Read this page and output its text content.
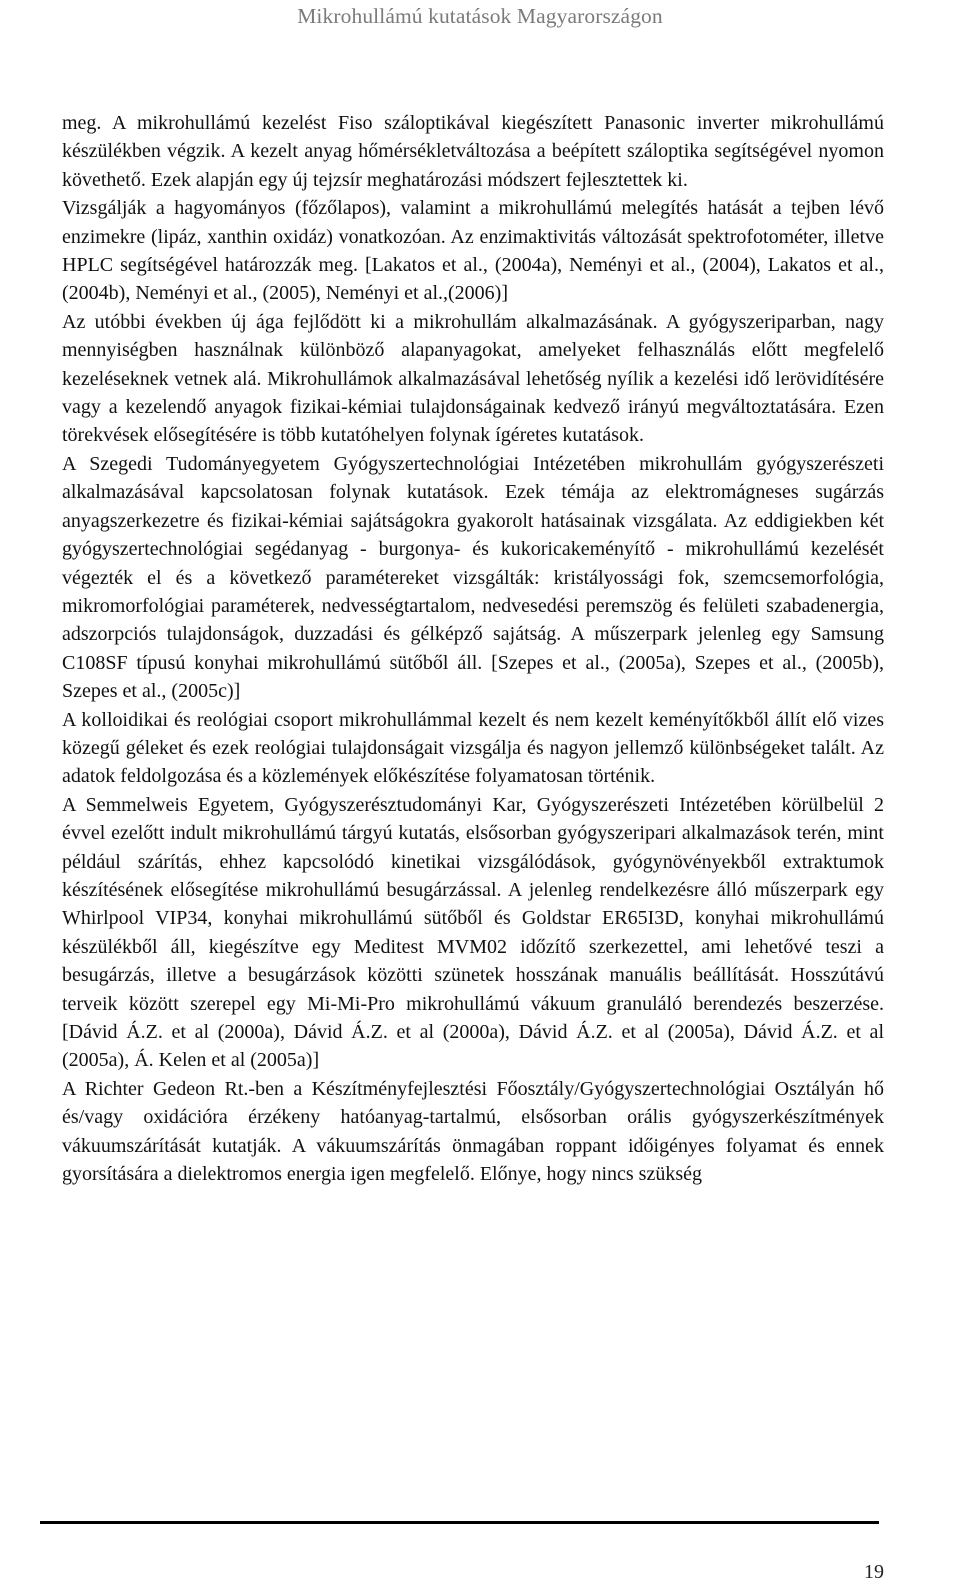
Mikrohullámú kutatások Magyarországon

meg. A mikrohullámú kezelést Fiso száloptikával kiegészített Panasonic inverter mikrohullámú készülékben végzik. A kezelt anyag hőmérsékletváltozása a beépített száloptika segítségével nyomon követhető. Ezek alapján egy új tejzsír meghatározási módszert fejlesztettek ki.

Vizsgálják a hagyományos (főzőlapos), valamint a mikrohullámú melegítés hatását a tejben lévő enzimekre (lipáz, xanthin oxidáz) vonatkozóan. Az enzimaktivitás változását spektrofotométer, illetve HPLC segítségével határozzák meg. [Lakatos et al., (2004a), Neményi et al., (2004), Lakatos et al., (2004b), Neményi et al., (2005), Neményi et al.,(2006)]

Az utóbbi években új ága fejlődött ki a mikrohullám alkalmazásának. A gyógyszeriparban, nagy mennyiségben használnak különböző alapanyagokat, amelyeket felhasználás előtt megfelelő kezeléseknek vetnek alá. Mikrohullámok alkalmazásával lehetőség nyílik a kezelési idő lerövidítésére vagy a kezelendő anyagok fizikai-kémiai tulajdonságainak kedvező irányú megváltoztatására. Ezen törekvések elősegítésére is több kutatóhelyen folynak ígéretes kutatások.

A Szegedi Tudományegyetem Gyógyszertechnológiai Intézetében mikrohullám gyógyszerészeti alkalmazásával kapcsolatosan folynak kutatások. Ezek témája az elektromágneses sugárzás anyagszerkezetre és fizikai-kémiai sajátságokra gyakorolt hatásainak vizsgálata. Az eddigiekben két gyógyszertechnológiai segédanyag - burgonya- és kukoricakeményítő - mikrohullámú kezelését végezték el és a következő paramétereket vizsgálták: kristályossági fok, szemcsemorfológia, mikromorfológiai paraméterek, nedvességtartalom, nedvesedési peremszög és felületi szabadenergia, adszorpciós tulajdonságok, duzzadási és gélképző sajátság. A műszerpark jelenleg egy Samsung C108SF típusú konyhai mikrohullámú sütőből áll. [Szepes et al., (2005a), Szepes et al., (2005b), Szepes et al., (2005c)]

A kolloidikai és reológiai csoport mikrohullámmal kezelt és nem kezelt keményítőkből állít elő vizes közegű géleket és ezek reológiai tulajdonságait vizsgálja és nagyon jellemző különbségeket talált. Az adatok feldolgozása és a közlemények előkészítése folyamatosan történik.

A Semmelweis Egyetem, Gyógyszerésztudományi Kar, Gyógyszerészeti Intézetében körülbelül 2 évvel ezelőtt indult mikrohullámú tárgyú kutatás, elsősorban gyógyszeripari alkalmazások terén, mint például szárítás, ehhez kapcsolódó kinetikai vizsgálódások, gyógynövényekből extraktumok készítésének elősegítése mikrohullámú besugárzással. A jelenleg rendelkezésre álló műszerpark egy Whirlpool VIP34, konyhai mikrohullámú sütőből és Goldstar ER65I3D, konyhai mikrohullámú készülékből áll, kiegészítve egy Meditest MVM02 időzítő szerkezettel, ami lehetővé teszi a besugárzás, illetve a besugárzások közötti szünetek hosszának manuális beállítását. Hosszútávú terveik között szerepel egy Mi-Mi-Pro mikrohullámú vákuum granuláló berendezés beszerzése. [Dávid Á.Z. et al (2000a), Dávid Á.Z. et al (2000a), Dávid Á.Z. et al (2005a), Dávid Á.Z. et al (2005a), Á. Kelen et al (2005a)]

A Richter Gedeon Rt.-ben a Készítményfejlesztési Főosztály/Gyógyszertechnológiai Osztályán hő és/vagy oxidációra érzékeny hatóanyag-tartalmú, elsősorban orális gyógyszerkészítmények vákuumszárítását kutatják. A vákuumszárítás önmagában roppant időigényes folyamat és ennek gyorsítására a dielektromos energia igen megfelelő. Előnye, hogy nincs szükség

19
